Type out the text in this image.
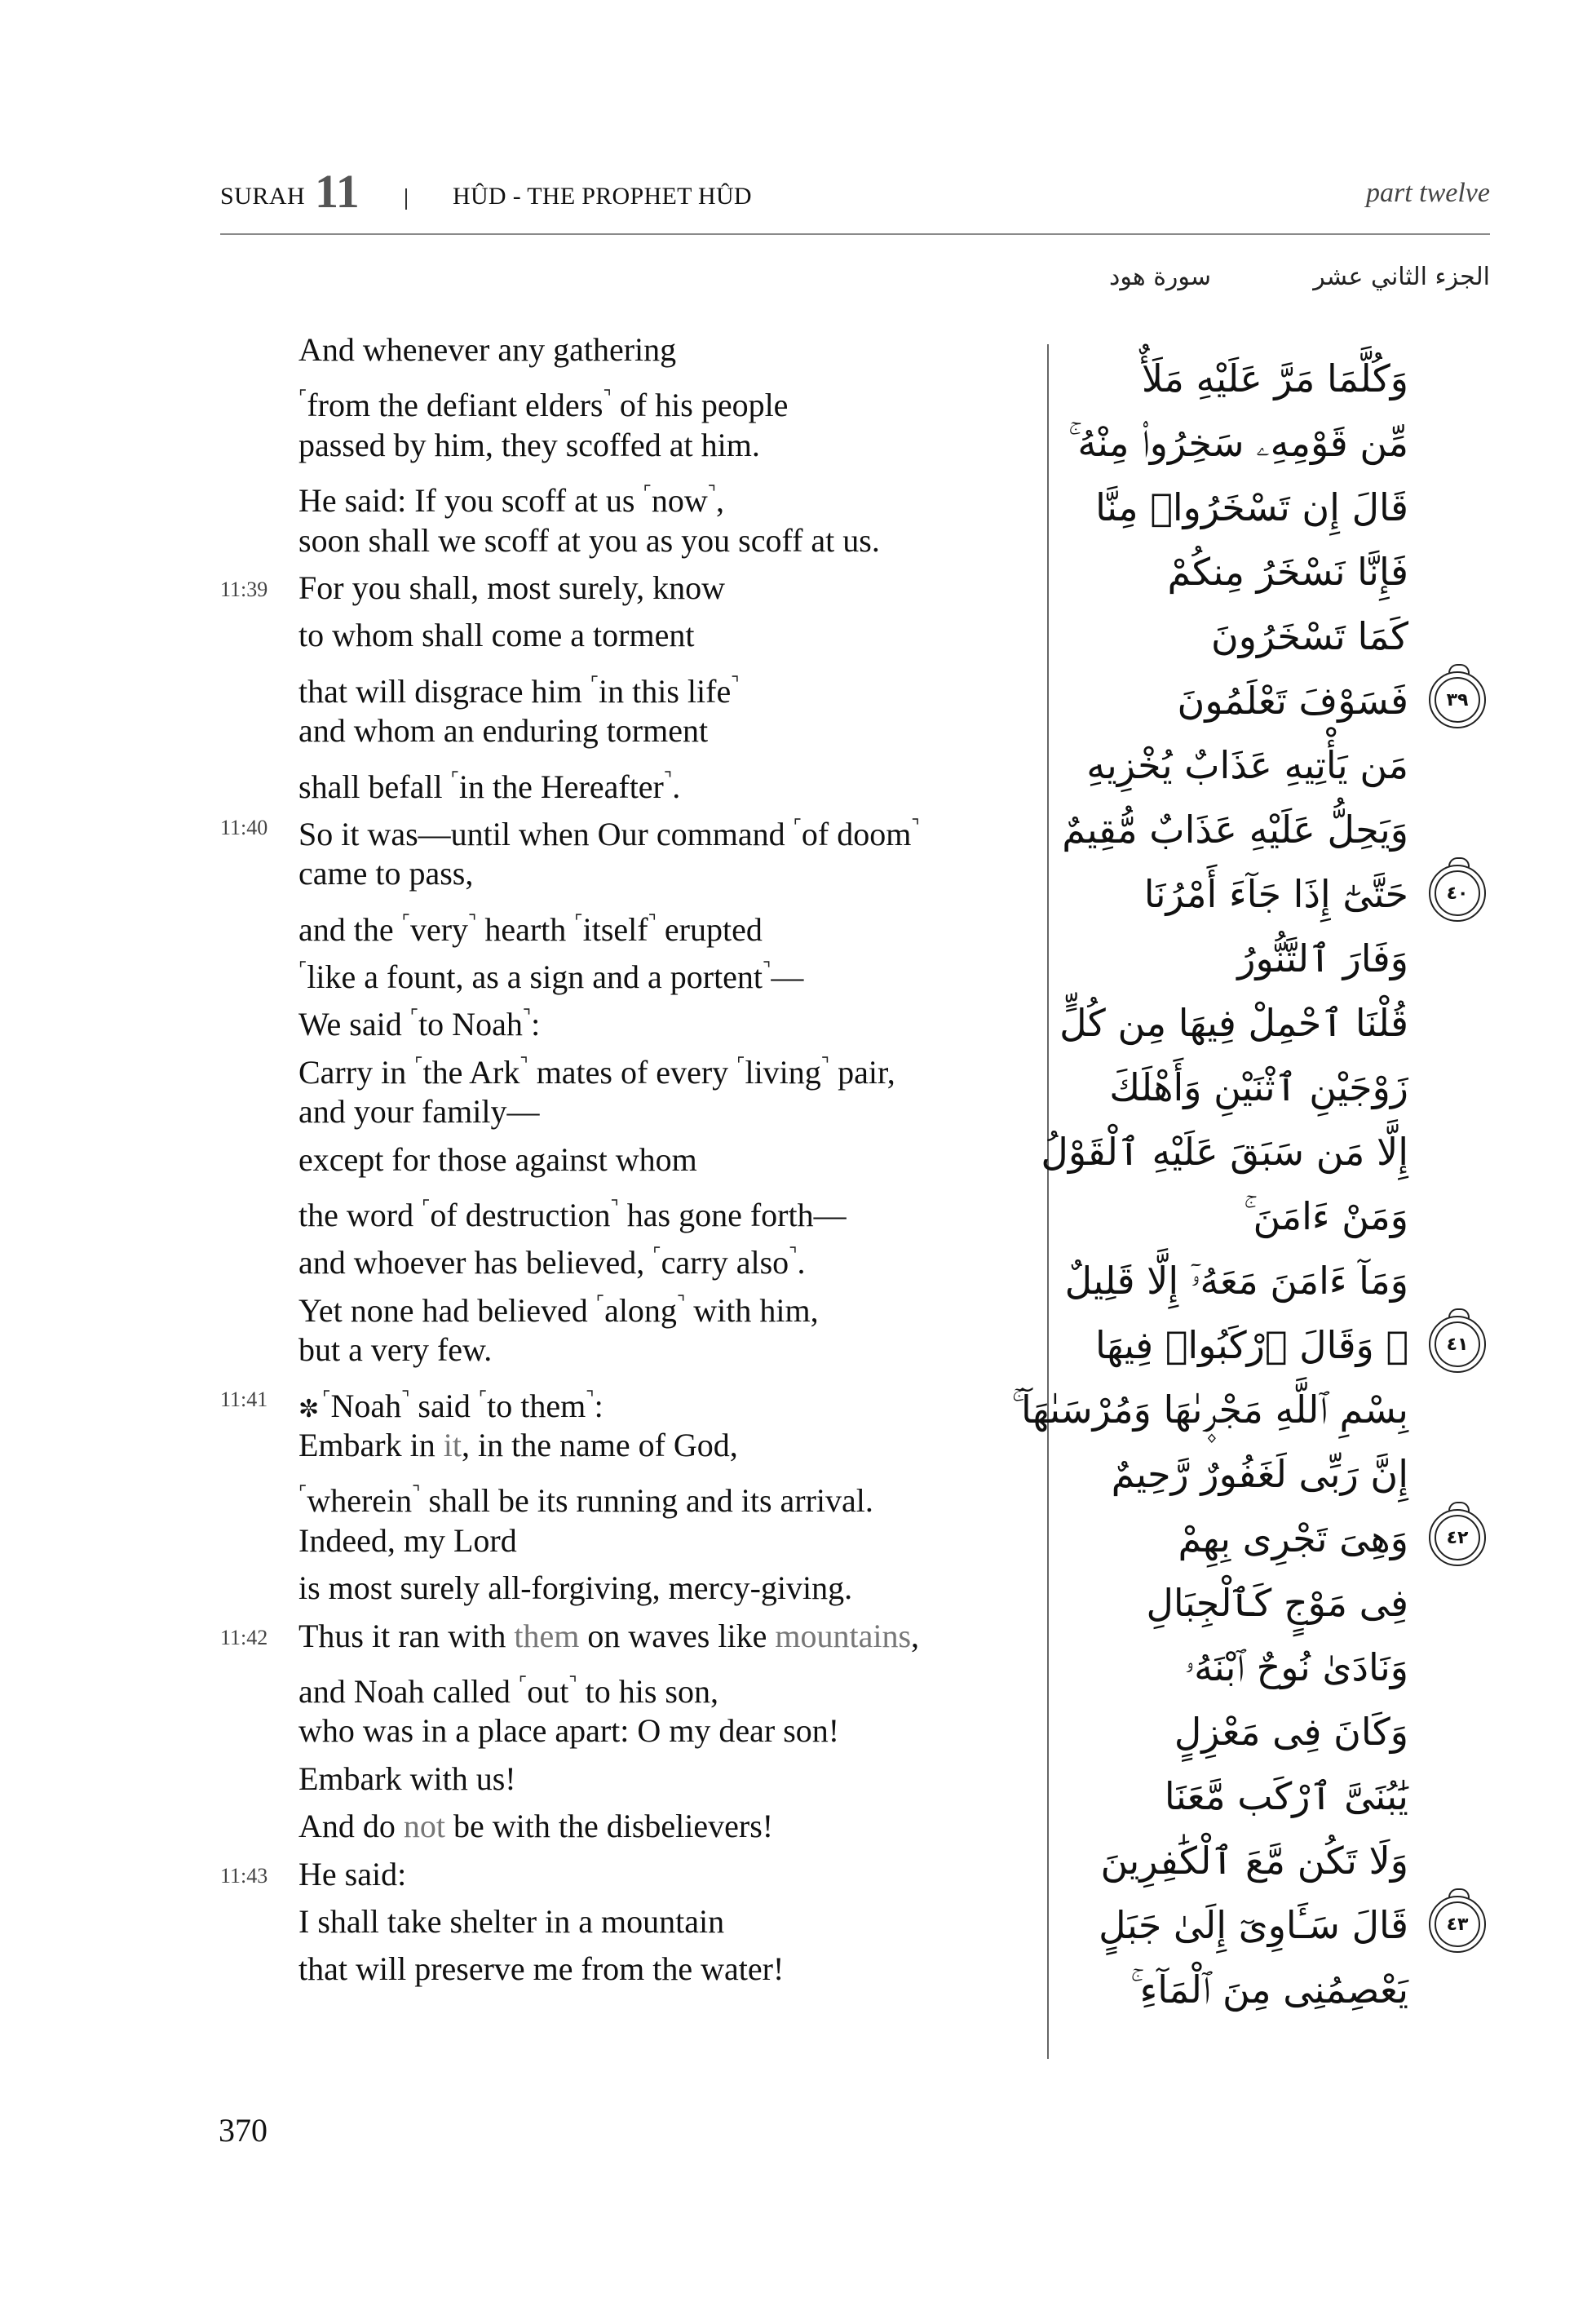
SURAH 11	HÛD - THE PROPHET HÛD	part twelve
الجزء الثاني عشر
سورة هود
And whenever any gathering
⌜from the defiant elders⌝ of his people
passed by him, they scoffed at him.
He said: If you scoff at us ⌜now⌝,
soon shall we scoff at you as you scoff at us.
11:39 For you shall, most surely, know
to whom shall come a torment
that will disgrace him ⌜in this life⌝
and whom an enduring torment
shall befall ⌜in the Hereafter⌝.
11:40 So it was—until when Our command ⌜of doom⌝
came to pass,
and the ⌜very⌝ hearth ⌜itself⌝ erupted
⌜like a fount, as a sign and a portent⌝—
We said ⌜to Noah⌝:
Carry in ⌜the Ark⌝ mates of every ⌜living⌝ pair,
and your family—
except for those against whom
the word ⌜of destruction⌝ has gone forth—
and whoever has believed, ⌜carry also⌝.
Yet none had believed ⌜along⌝ with him,
but a very few.
11:41 ✼ ⌜Noah⌝ said ⌜to them⌝:
Embark in it, in the name of God,
⌜wherein⌝ shall be its running and its arrival.
Indeed, my Lord
is most surely all-forgiving, mercy-giving.
11:42 Thus it ran with them on waves like mountains,
and Noah called ⌜out⌝ to his son,
who was in a place apart: O my dear son!
Embark with us!
And do not be with the disbelievers!
11:43 He said:
I shall take shelter in a mountain
that will preserve me from the water!
وَكُلَّمَا مَرَّ عَلَيْهِ مَلَأٌ
مِّن قَوْمِهِۦ سَخِرُوا۟ مِنْهُ ۚ
قَالَ إِن تَسْخَرُوا۟ مِنَّا
فَإِنَّا نَسْخَرُ مِنكُمْ
كَمَا تَسْخَرُونَ
فَسَوْفَ تَعْلَمُونَ	٣٩
مَن يَأْتِيهِ عَذَابٌ يُخْزِيهِ
وَيَحِلُّ عَلَيْهِ عَذَابٌ مُّقِيمٌ
حَتَّىٰٓ إِذَا جَآءَ أَمْرُنَا	٤٠
وَفَارَ ٱلتَّنُّورُ
قُلْنَا ٱحْمِلْ فِيهَا مِن كُلٍّ
زَوْجَيْنِ ٱثْنَيْنِ وَأَهْلَكَ
إِلَّا مَن سَبَقَ عَلَيْهِ ٱلْقَوْلُ
وَمَنْ ءَامَنَ ۚ
وَمَآ ءَامَنَ مَعَهُۥٓ إِلَّا قَلِيلٌ
۞ وَقَالَ ٱرْكَبُوا۟ فِيهَا	٤١
بِسْمِ ٱللَّهِ مَجْر۪ىٰهَا وَمُرْسَىٰهَآ ۚ
إِنَّ رَبِّى لَغَفُورٌ رَّحِيمٌ
وَهِىَ تَجْرِى بِهِمْ	٤٢
فِى مَوْجٍ كَٱلْجِبَالِ
وَنَادَىٰ نُوحٌ ٱبْنَهُۥ
وَكَانَ فِى مَعْزِلٍ
يَٰبُنَىَّ ٱرْكَب مَّعَنَا
وَلَا تَكُن مَّعَ ٱلْكَٰفِرِينَ
قَالَ سَـَٔاوِىٓ إِلَىٰ جَبَلٍ	٤٣
يَعْصِمُنِى مِنَ ٱلْمَآءِ ۚ
370
